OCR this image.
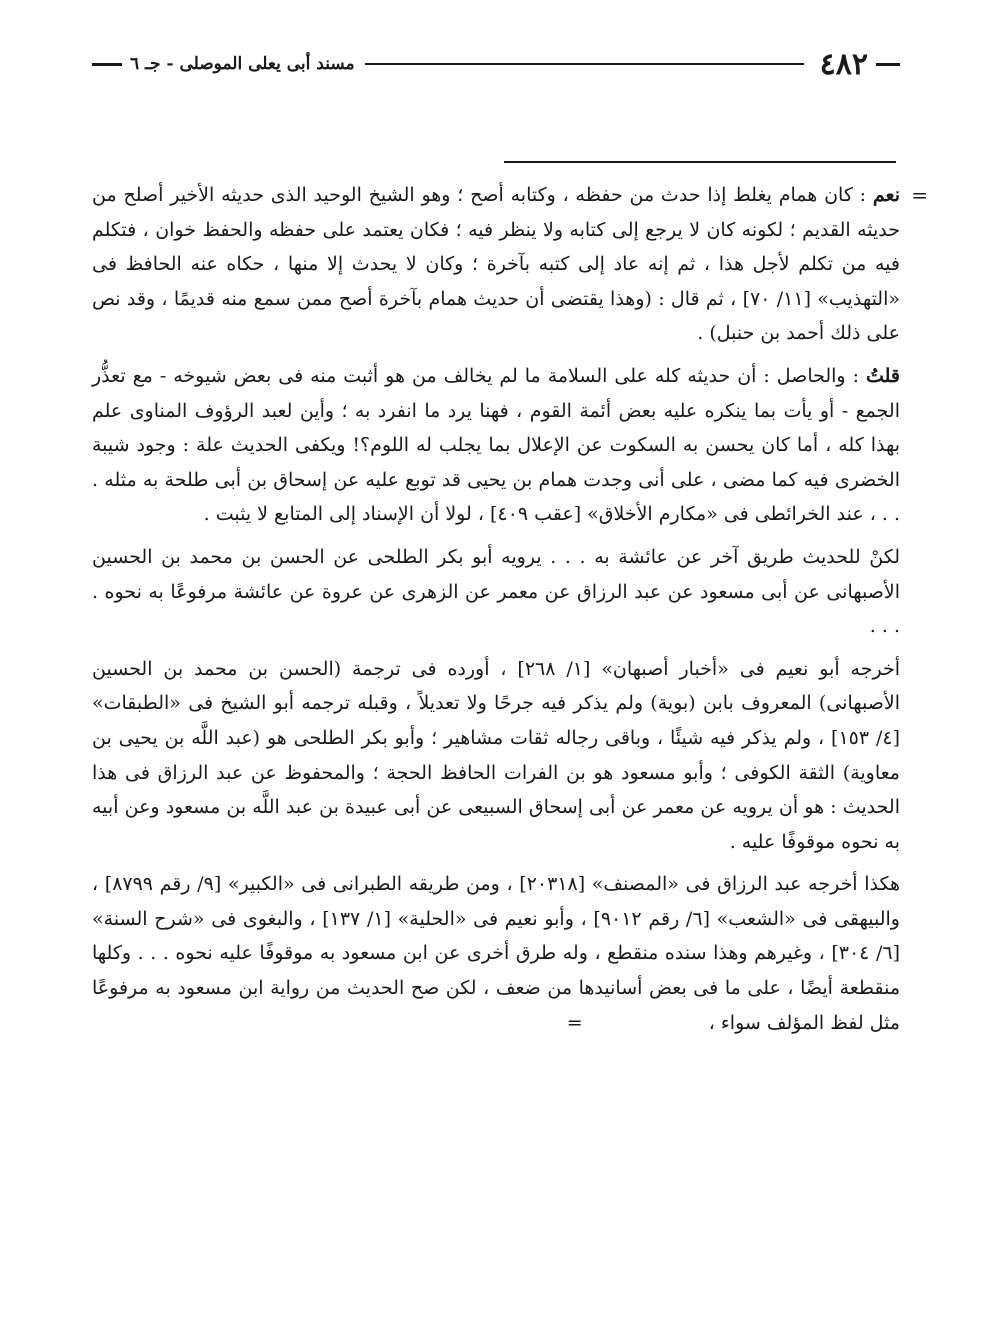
٤٨٢
مسند أبى يعلى الموصلى - جـ ٦
=

نعم : كان همام يغلط إذا حدث من حفظه ، وكتابه أصح ؛ وهو الشيخ الوحيد الذى حديثه الأخير أصلح من حديثه القديم ؛ لكونه كان لا يرجع إلى كتابه ولا ينظر فيه ؛ فكان يعتمد على حفظه والحفظ خوان ، فتكلم فيه من تكلم لأجل هذا ، ثم إنه عاد إلى كتبه بآخرة ؛ وكان لا يحدث إلا منها ، حكاه عنه الحافظ فى «التهذيب» [١١/ ٧٠] ، ثم قال : (وهذا يقتضى أن حديث همام بآخرة أصح ممن سمع منه قديمًا ، وقد نص على ذلك أحمد بن حنبل) .

قلتُ : والحاصل : أن حديثه كله على السلامة ما لم يخالف من هو أثبت منه فى بعض شيوخه - مع تعذُّر الجمع - أو يأت بما ينكره عليه بعض أئمة القوم ، فهنا يرد ما انفرد به ؛ وأين لعبد الرؤوف المناوى علم بهذا كله ، أما كان يحسن به السكوت عن الإعلال بما يجلب له اللوم؟! ويكفى الحديث علة : وجود شيبة الخضرى فيه كما مضى ، على أنى وجدت همام بن يحيى قد توبع عليه عن إسحاق بن أبى طلحة به مثله . . . ، عند الخرائطى فى «مكارم الأخلاق» [عقب ٤٠٩] ، لولا أن الإسناد إلى المتابع لا يثبت .

لكنْ للحديث طريق آخر عن عائشة به . . . يرويه أبو بكر الطلحى عن الحسن بن محمد بن الحسين الأصبهانى عن أبى مسعود عن عبد الرزاق عن معمر عن الزهرى عن عروة عن عائشة مرفوعًا به نحوه . . . .

أخرجه أبو نعيم فى «أخبار أصبهان» [١/ ٢٦٨] ، أورده فى ترجمة (الحسن بن محمد بن الحسين الأصبهانى) المعروف بابن (بوية) ولم يذكر فيه جرحًا ولا تعديلاً ، وقبله ترجمه أبو الشيخ فى «الطبقات» [٤/ ١٥٣] ، ولم يذكر فيه شيئًا ، وباقى رجاله ثقات مشاهير ؛ وأبو بكر الطلحى هو (عبد اللَّه بن يحيى بن معاوية) الثقة الكوفى ؛ وأبو مسعود هو بن الفرات الحافظ الحجة ؛ والمحفوظ عن عبد الرزاق فى هذا الحديث : هو أن يرويه عن معمر عن أبى إسحاق السبيعى عن أبى عبيدة بن عبد اللَّه بن مسعود وعن أبيه به نحوه موقوفًا عليه .

هكذا أخرجه عبد الرزاق فى «المصنف» [٢٠٣١٨] ، ومن طريقه الطبرانى فى «الكبير» [٩/ رقم ٨٧٩٩] ، والبيهقى فى «الشعب» [٦/ رقم ٩٠١٢] ، وأبو نعيم فى «الحلية» [١/ ١٣٧] ، والبغوى فى «شرح السنة» [٦/ ٣٠٤] ، وغيرهم وهذا سنده منقطع ، وله طرق أخرى عن ابن مسعود به موقوفًا عليه نحوه . . . وكلها منقطعة أيضًا ، على ما فى بعض أسانيدها من ضعف ، لكن صح الحديث من رواية ابن مسعود به مرفوعًا مثل لفظ المؤلف سواء ، =
